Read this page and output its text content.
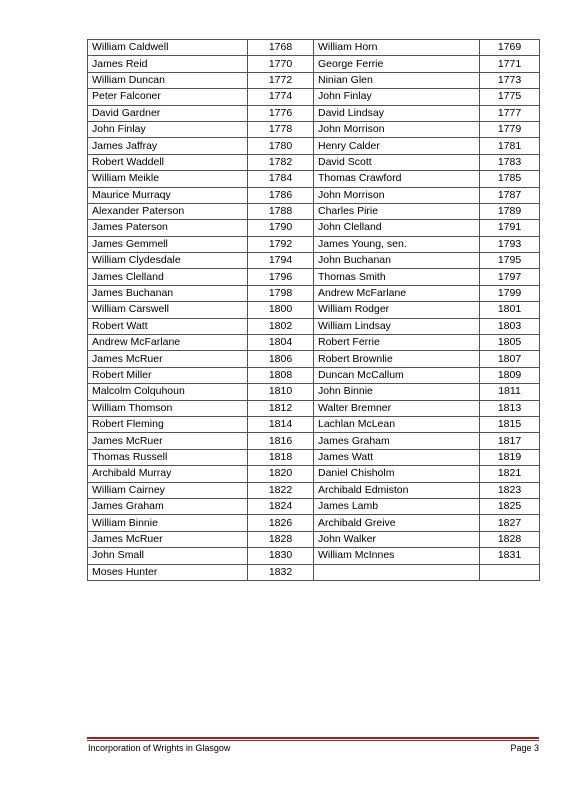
William Caldwell	1768	William Horn	1769
James Reid	1770	George Ferrie	1771
William Duncan	1772	Ninian Glen	1773
Peter Falconer	1774	John Finlay	1775
David Gardner	1776	David Lindsay	1777
John Finlay	1778	John Morrison	1779
James Jaffray	1780	Henry Calder	1781
Robert Waddell	1782	David Scott	1783
William Meikle	1784	Thomas Crawford	1785
Maurice Murraqy	1786	John Morrison	1787
Alexander Paterson	1788	Charles Pirie	1789
James Paterson	1790	John Clelland	1791
James Gemmell	1792	James Young, sen.	1793
William Clydesdale	1794	John Buchanan	1795
James Clelland	1796	Thomas Smith	1797
James Buchanan	1798	Andrew McFarlane	1799
William Carswell	1800	William Rodger	1801
Robert Watt	1802	William Lindsay	1803
Andrew McFarlane	1804	Robert Ferrie	1805
James McRuer	1806	Robert Brownlie	1807
Robert Miller	1808	Duncan McCallum	1809
Malcolm Colquhoun	1810	John Binnie	1811
William Thomson	1812	Walter Bremner	1813
Robert Fleming	1814	Lachlan McLean	1815
James McRuer	1816	James Graham	1817
Thomas Russell	1818	James Watt	1819
Archibald Murray	1820	Daniel Chisholm	1821
William Cairney	1822	Archibald Edmiston	1823
James Graham	1824	James Lamb	1825
William Binnie	1826	Archibald Greive	1827
James McRuer	1828	John Walker	1828
John Small	1830	William McInnes	1831
Moses Hunter	1832		
Incorporation of Wrights in Glasgow	Page 3
